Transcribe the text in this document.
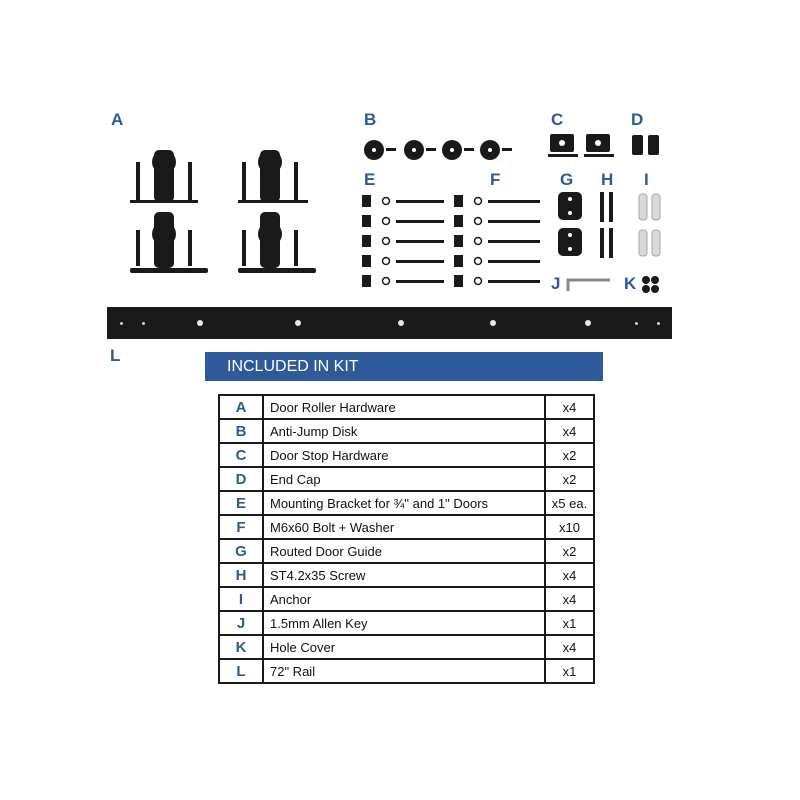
A	B	C	D
E	F	G H I
J	K
L
INCLUDED IN KIT
A	Door Roller Hardware	x4
B	Anti-Jump Disk	x4
C	Door Stop Hardware	x2
D	End Cap	x2
E	Mounting Bracket for ¾" and 1" Doors	x5 ea.
F	M6x60 Bolt + Washer	x10
G	Routed Door Guide	x2
H	ST4.2x35 Screw	x4
I	Anchor	x4
J	1.5mm Allen Key	x1
K	Hole Cover	x4
L	72" Rail	x1
